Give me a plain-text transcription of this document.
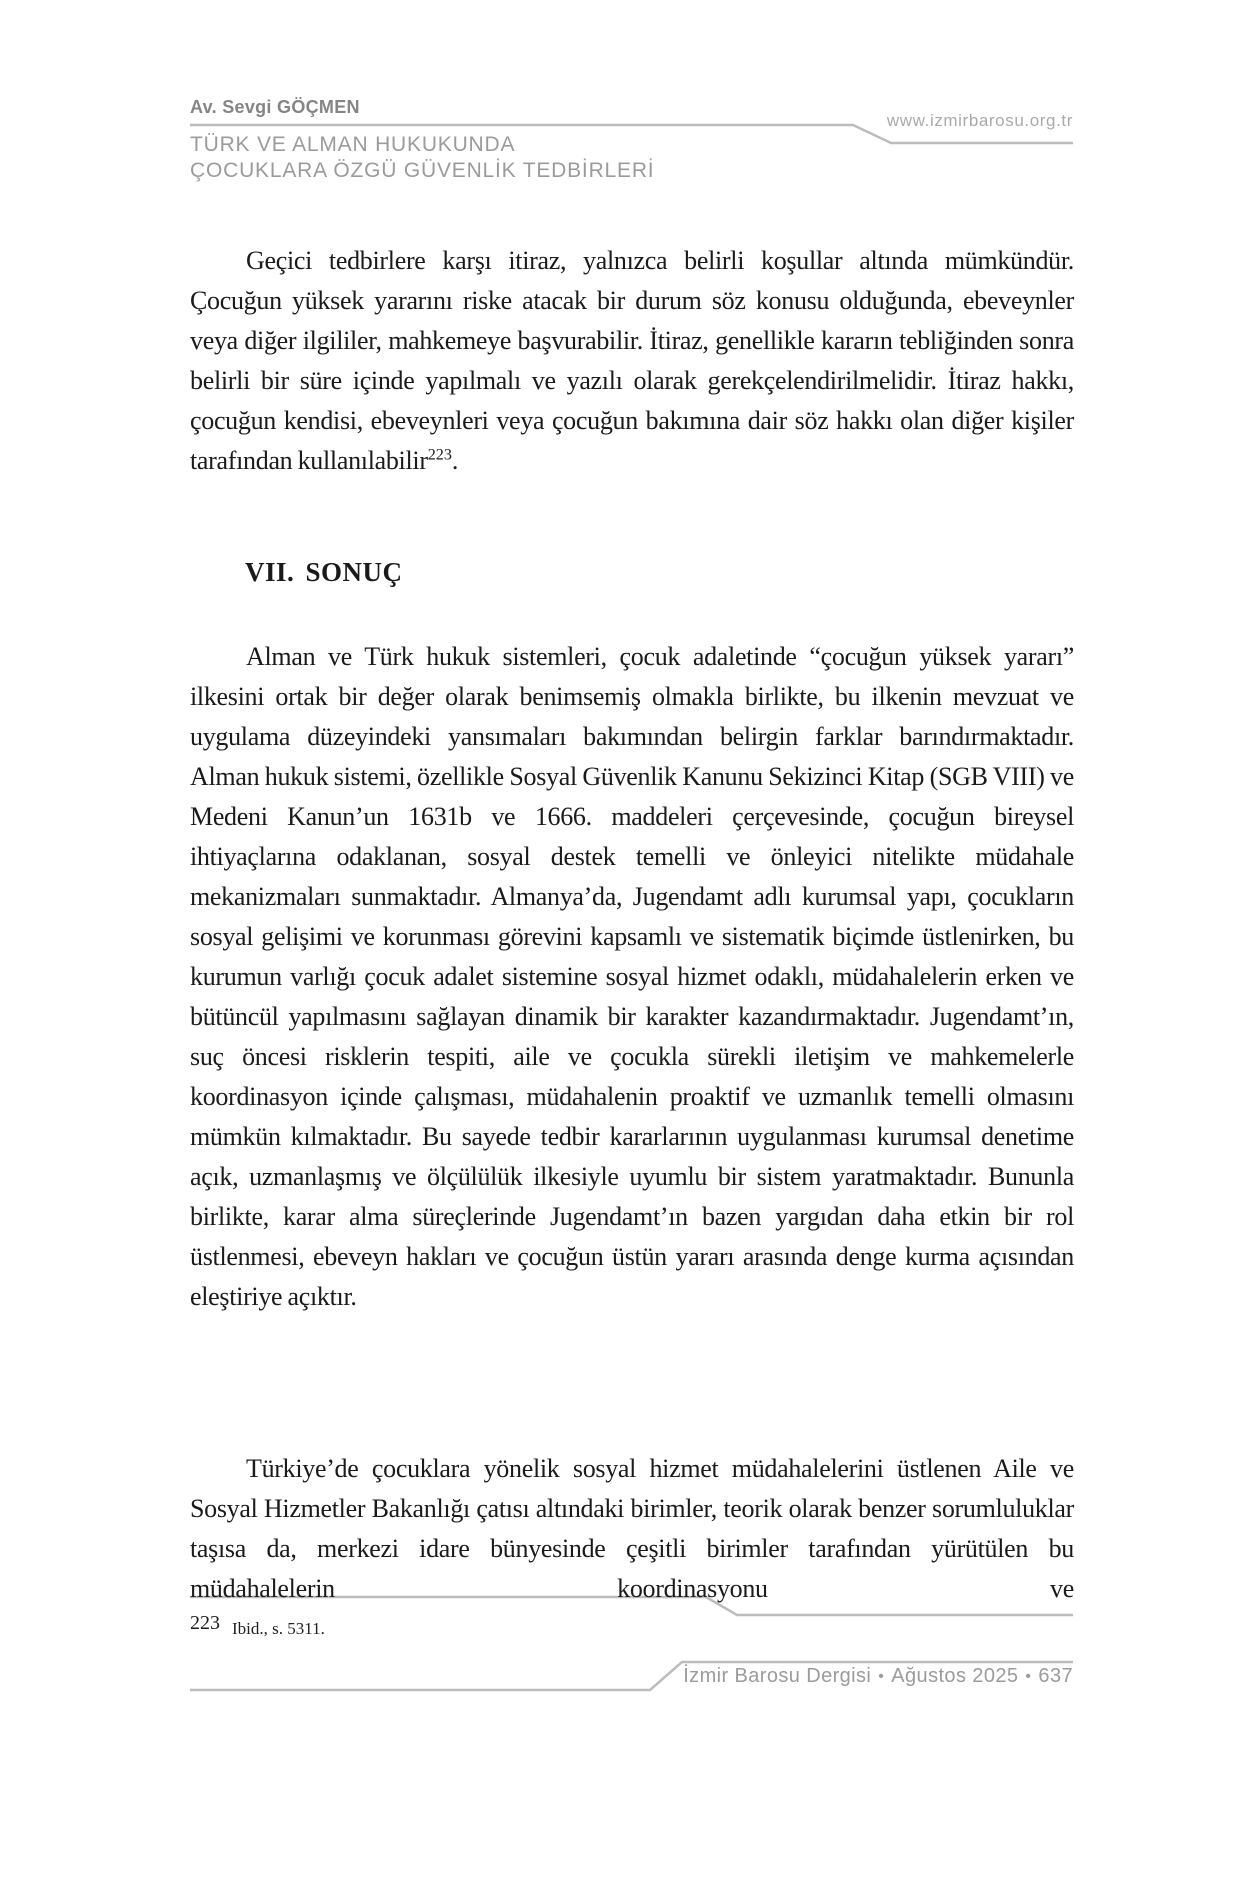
Av. Sevgi GÖÇMEN
www.izmirbarosu.org.tr
TÜRK VE ALMAN HUKUKUNDA
ÇOCUKLARA ÖZGÜ GÜVENLİK TEDBİRLERİ

Geçici tedbirlere karşı itiraz, yalnızca belirli koşullar altında mümkündür. Çocuğun yüksek yararını riske atacak bir durum söz konusu olduğunda, ebeveynler veya diğer ilgililer, mahkemeye başvurabilir. İtiraz, genellikle kararın tebliğinden sonra belirli bir süre içinde yapılmalı ve yazılı olarak gerekçelendirilmelidir. İtiraz hakkı, çocuğun kendisi, ebeveynleri veya çocuğun bakımına dair söz hakkı olan diğer kişiler tarafından kullanılabilir$^{223}$.

VII. SONUÇ

Alman ve Türk hukuk sistemleri, çocuk adaletinde “çocuğun yüksek yararı” ilkesini ortak bir değer olarak benimsemiş olmakla birlikte, bu ilkenin mevzuat ve uygulama düzeyindeki yansımaları bakımından belirgin farklar barındırmaktadır. Alman hukuk sistemi, özellikle Sosyal Güvenlik Kanunu Sekizinci Kitap (SGB VIII) ve Medeni Kanun’un 1631b ve 1666. maddeleri çerçevesinde, çocuğun bireysel ihtiyaçlarına odaklanan, sosyal destek temelli ve önleyici nitelikte müdahale mekanizmaları sunmaktadır. Almanya’da, Jugendamt adlı kurumsal yapı, çocukların sosyal gelişimi ve korunması görevini kapsamlı ve sistematik biçimde üstlenirken, bu kurumun varlığı çocuk adalet sistemine sosyal hizmet odaklı, müdahalelerin erken ve bütüncül yapılmasını sağlayan dinamik bir karakter kazandırmaktadır. Jugendamt’ın, suç öncesi risklerin tespiti, aile ve çocukla sürekli iletişim ve mahkemelerle koordinasyon içinde çalışması, müdahalenin proaktif ve uzmanlık temelli olmasını mümkün kılmaktadır. Bu sayede tedbir kararlarının uygulanması kurumsal denetime açık, uzmanlaşmış ve ölçülülük ilkesiyle uyumlu bir sistem yaratmaktadır. Bununla birlikte, karar alma süreçlerinde Jugendamt’ın bazen yargıdan daha etkin bir rol üstlenmesi, ebeveyn hakları ve çocuğun üstün yararı arasında denge kurma açısından eleştiriye açıktır.

Türkiye’de çocuklara yönelik sosyal hizmet müdahalelerini üstlenen Aile ve Sosyal Hizmetler Bakanlığı çatısı altındaki birimler, teorik olarak benzer sorumluluklar taşısa da, merkezi idare bünyesinde çeşitli birimler tarafından yürütülen bu müdahalelerin koordinasyonu ve

223 Ibid., s. 5311.
İzmir Barosu Dergisi • Ağustos 2025 • 637
